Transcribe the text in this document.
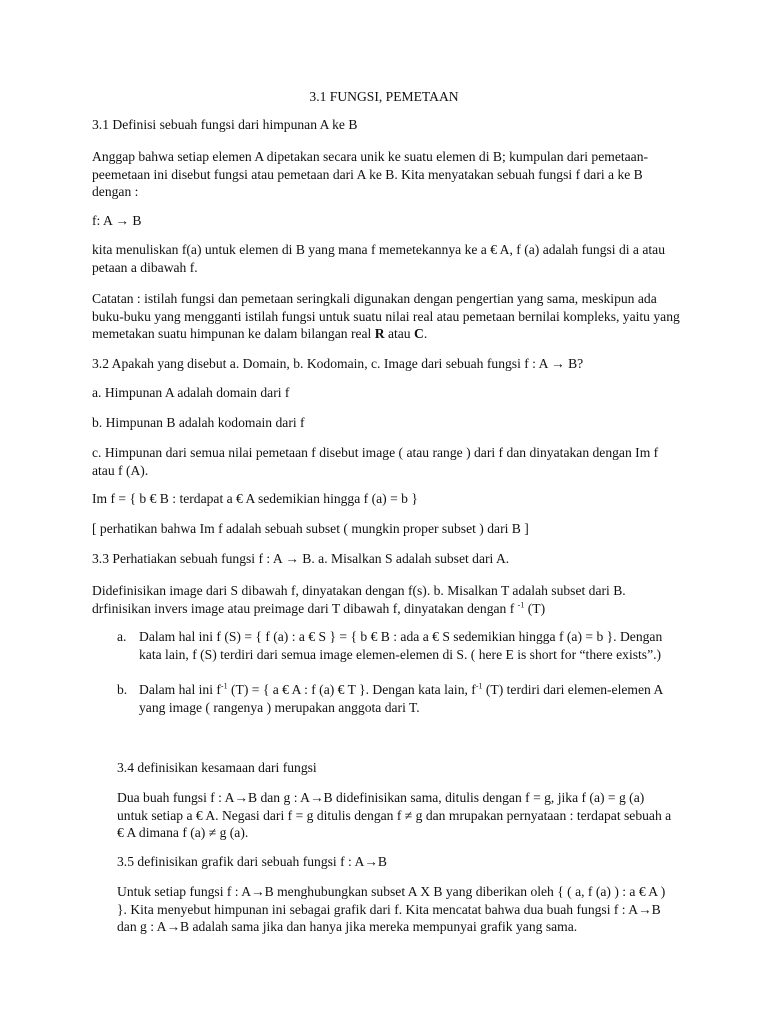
3.1 FUNGSI, PEMETAAN

3.1 Definisi sebuah fungsi dari himpunan A ke B

Anggap bahwa setiap elemen A dipetakan secara unik ke suatu elemen di B; kumpulan dari pemetaan-peemetaan ini disebut fungsi atau pemetaan dari A ke B. Kita menyatakan sebuah fungsi f dari a ke B dengan :

f: A → B

kita menuliskan f(a) untuk elemen di B yang mana f memetekannya ke a € A, f (a) adalah fungsi di a atau petaan a dibawah f.

Catatan : istilah fungsi dan pemetaan seringkali digunakan dengan pengertian yang sama, meskipun ada buku-buku yang mengganti istilah fungsi untuk suatu nilai real atau pemetaan bernilai kompleks, yaitu yang memetakan suatu himpunan ke dalam bilangan real R atau C.

3.2 Apakah yang disebut a. Domain, b. Kodomain, c. Image dari sebuah fungsi f : A → B?

a. Himpunan A adalah domain dari f

b. Himpunan B adalah kodomain dari f

c. Himpunan dari semua nilai pemetaan f disebut image ( atau range ) dari f dan dinyatakan dengan Im f atau f (A).

Im f = { b € B : terdapat a € A sedemikian hingga f (a) = b }

[ perhatikan bahwa Im f adalah sebuah subset ( mungkin proper subset ) dari B ]

3.3 Perhatiakan sebuah fungsi f : A → B. a. Misalkan S adalah subset dari A.

Didefinisikan image dari S dibawah f, dinyatakan dengan f(s). b. Misalkan T adalah subset dari B. drfinisikan invers image atau preimage dari T dibawah f, dinyatakan dengan f $^{-1}$ (T)

a. Dalam hal ini f (S) = { f (a) : a € S } = { b € B : ada a € S sedemikian hingga f (a) = b }. Dengan kata lain, f (S) terdiri dari semua image elemen-elemen di S. ( here E is short for “there exists”.)
b. Dalam hal ini $f^{-1}$ (T) = { a € A : f (a) € T }. Dengan kata lain, $f^{-1}$ (T) terdiri dari elemen-elemen A yang image ( rangenya ) merupakan anggota dari T.

3.4 definisikan kesamaan dari fungsi

Dua buah fungsi f : A→B dan g : A→B didefinisikan sama, ditulis dengan f = g, jika f (a) = g (a) untuk setiap a € A. Negasi dari f = g ditulis dengan f ≠ g dan mrupakan pernyataan : terdapat sebuah a € A dimana f (a) ≠ g (a).

3.5 definisikan grafik dari sebuah fungsi f : A→B

Untuk setiap fungsi f : A→B menghubungkan subset A X B yang diberikan oleh { ( a, f (a) ) : a € A ) }. Kita menyebut himpunan ini sebagai grafik dari f. Kita mencatat bahwa dua buah fungsi f : A→B dan g : A→B adalah sama jika dan hanya jika mereka mempunyai grafik yang sama.
